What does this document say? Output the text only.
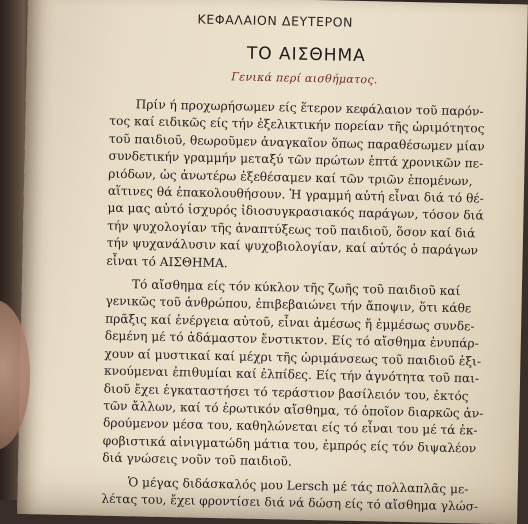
ΚΕΦΑΛΑΙΟΝ ΔΕΥΤΕΡΟΝ
ΤΟ ΑΙΣΘΗΜΑ
Γενικά περί αισθήματος.
Πρίν ή προχωρήσωμεν είς ἕτερον κεφάλαιον τοῦ παρόν-
τος καί ειδικῶς είς τήν ἐξελικτικήν πορείαν τῆς ὡριμότητος
τοῦ παιδιοῦ, θεωροῦμεν ἀναγκαῖον ὅπως παραθέσωμεν μίαν
συνδετικήν γραμμήν μεταξύ τῶν πρώτων ἑπτά χρονικῶν πε-
ριόδων, ὡς ἀνωτέρω ἐξεθέσαμεν καί τῶν τριῶν ἑπομένων,
αἵτινες θά ἐπακολουθήσουν. Ἡ γραμμή αὐτή εἶναι διά τό θέ-
μα μας αὐτό ἰσχυρός ἰδιοσυγκρασιακός παράγων, τόσον διά
τήν ψυχολογίαν τῆς ἀναπτύξεως τοῦ παιδιοῦ, ὅσον καί διά
τήν ψυχανάλυσιν καί ψυχοβιολογίαν, καί αὐτός ὁ παράγων
εἶναι τό ΑΙΣΘΗΜΑ.
Τό αἴσθημα είς τόν κύκλον τῆς ζωῆς τοῦ παιδιοῦ καί
γενικῶς τοῦ ἀνθρώπου, ἐπιβεβαιώνει τήν ἄποψιν, ὅτι κάθε
πρᾶξις καί ἐνέργεια αὐτοῦ, εἶναι ἀμέσως ἤ ἐμμέσως συνδε-
δεμένη μέ τό ἀδάμαστον ἔνστικτον. Είς τό αἴσθημα ἐνυπάρ-
χουν αί μυστικαί καί μέχρι τῆς ὡριμάνσεως τοῦ παιδιοῦ ἐξι-
κνούμεναι ἐπιθυμίαι καί ἐλπίδες. Είς τήν ἁγνότητα τοῦ παι-
διοῦ ἔχει ἐγκαταστήσει τό τεράστιον βασίλειόν του, ἐκτός
τῶν ἄλλων, καί τό ἐρωτικόν αἴσθημα, τό ὁποῖον διαρκῶς ἀν-
δρούμενον μέσα του, καθηλώνεται είς τό εἶναι του μέ τά ἐκ-
φοβιστικά αἰνιγματώδη μάτια του, ἐμπρός είς τόν διψαλέον
διά γνώσεις νοῦν τοῦ παιδιοῦ.
Ὁ μέγας διδάσκαλός μου Lersch μέ τάς πολλαπλᾶς με-
λέτας του, ἔχει φροντίσει διά νά δώση είς τό αἴσθημα γλώσ-
